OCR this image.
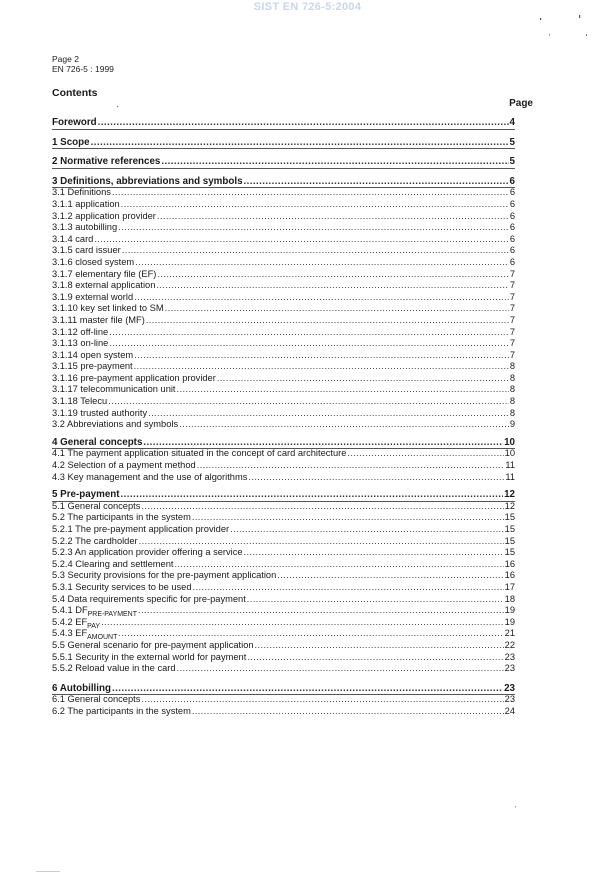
SIST EN 726-5:2004
Page 2
EN 726-5 : 1999
Contents
Page
Foreword .....	4
1 Scope .....	5
2 Normative references .....	5
3 Definitions, abbreviations and symbols .....	6
3.1 Definitions .....	6
3.1.1 application .....	6
3.1.2 application provider .....	6
3.1.3 autobilling .....	6
3.1.4 card .....	6
3.1.5 card issuer .....	6
3.1.6 closed system .....	6
3.1.7 elementary file (EF) .....	7
3.1.8 external application .....	7
3.1.9 external world .....	7
3.1.10 key set linked to SM .....	7
3.1.11 master file (MF) .....	7
3.1.12 off-line .....	7
3.1.13 on-line .....	7
3.1.14 open system .....	7
3.1.15 pre-payment .....	8
3.1.16 pre-payment application provider .....	8
3.1.17 telecommunication unit .....	8
3.1.18 Telecu .....	8
3.1.19 trusted authority .....	8
3.2 Abbreviations and symbols .....	9
4 General concepts .....	10
4.1 The payment application situated in the concept of card architecture .....	10
4.2 Selection of a payment method .....	11
4.3 Key management and the use of algorithms .....	11
5 Pre-payment .....	12
5.1 General concepts .....	12
5.2 The participants in the system .....	15
5.2.1 The pre-payment application provider .....	15
5.2.2 The cardholder .....	15
5.2.3 An application provider offering a service .....	15
5.2.4 Clearing and settlement .....	16
5.3 Security provisions for the pre-payment application .....	16
5.3.1 Security services to be used .....	17
5.4 Data requirements specific for pre-payment .....	18
5.4.1 $DF_{PRE-PAYMENT}$ .....	19
5.4.2 $EF_{PAY}$ .....	19
5.4.3 $EF_{AMOUNT}$ .....	21
5.5 General scenario for pre-payment application .....	22
5.5.1 Security in the external world for payment .....	23
5.5.2 Reload value in the card .....	23
6 Autobilling .....	23
6.1 General concepts .....	23
6.2 The participants in the system .....	24
